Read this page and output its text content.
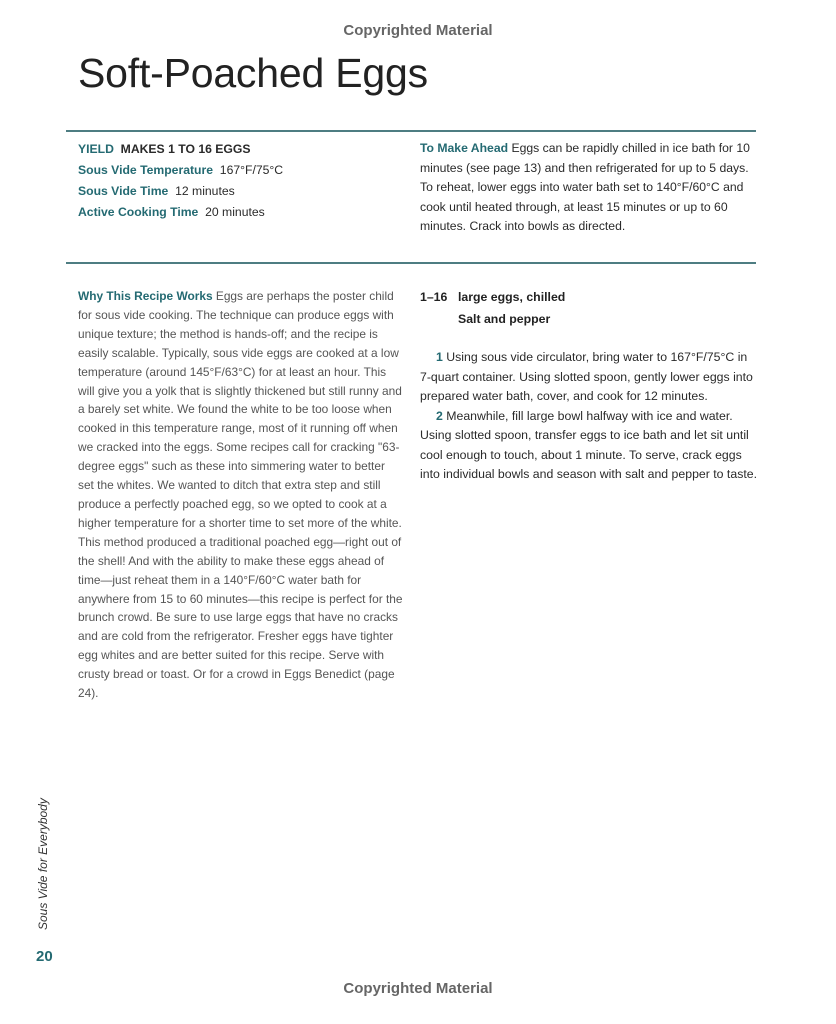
Copyrighted Material
Soft-Poached Eggs
YIELD MAKES 1 TO 16 EGGS
Sous Vide Temperature 167°F/75°C
Sous Vide Time 12 minutes
Active Cooking Time 20 minutes
To Make Ahead Eggs can be rapidly chilled in ice bath for 10 minutes (see page 13) and then refrigerated for up to 5 days. To reheat, lower eggs into water bath set to 140°F/60°C and cook until heated through, at least 15 minutes or up to 60 minutes. Crack into bowls as directed.
Why This Recipe Works Eggs are perhaps the poster child for sous vide cooking. The technique can produce eggs with unique texture; the method is hands-off; and the recipe is easily scalable. Typically, sous vide eggs are cooked at a low temperature (around 145°F/63°C) for at least an hour. This will give you a yolk that is slightly thickened but still runny and a barely set white. We found the white to be too loose when cooked in this temperature range, most of it running off when we cracked into the eggs. Some recipes call for cracking "63-degree eggs" such as these into simmering water to better set the whites. We wanted to ditch that extra step and still produce a perfectly poached egg, so we opted to cook at a higher temperature for a shorter time to set more of the white. This method produced a traditional poached egg—right out of the shell! And with the ability to make these eggs ahead of time—just reheat them in a 140°F/60°C water bath for anywhere from 15 to 60 minutes—this recipe is perfect for the brunch crowd. Be sure to use large eggs that have no cracks and are cold from the refrigerator. Fresher eggs have tighter egg whites and are better suited for this recipe. Serve with crusty bread or toast. Or for a crowd in Eggs Benedict (page 24).
1–16 large eggs, chilled
Salt and pepper

1 Using sous vide circulator, bring water to 167°F/75°C in 7-quart container. Using slotted spoon, gently lower eggs into prepared water bath, cover, and cook for 12 minutes.

2 Meanwhile, fill large bowl halfway with ice and water. Using slotted spoon, transfer eggs to ice bath and let sit until cool enough to touch, about 1 minute. To serve, crack eggs into individual bowls and season with salt and pepper to taste.

Sous Vide for Everybody
20
Copyrighted Material
